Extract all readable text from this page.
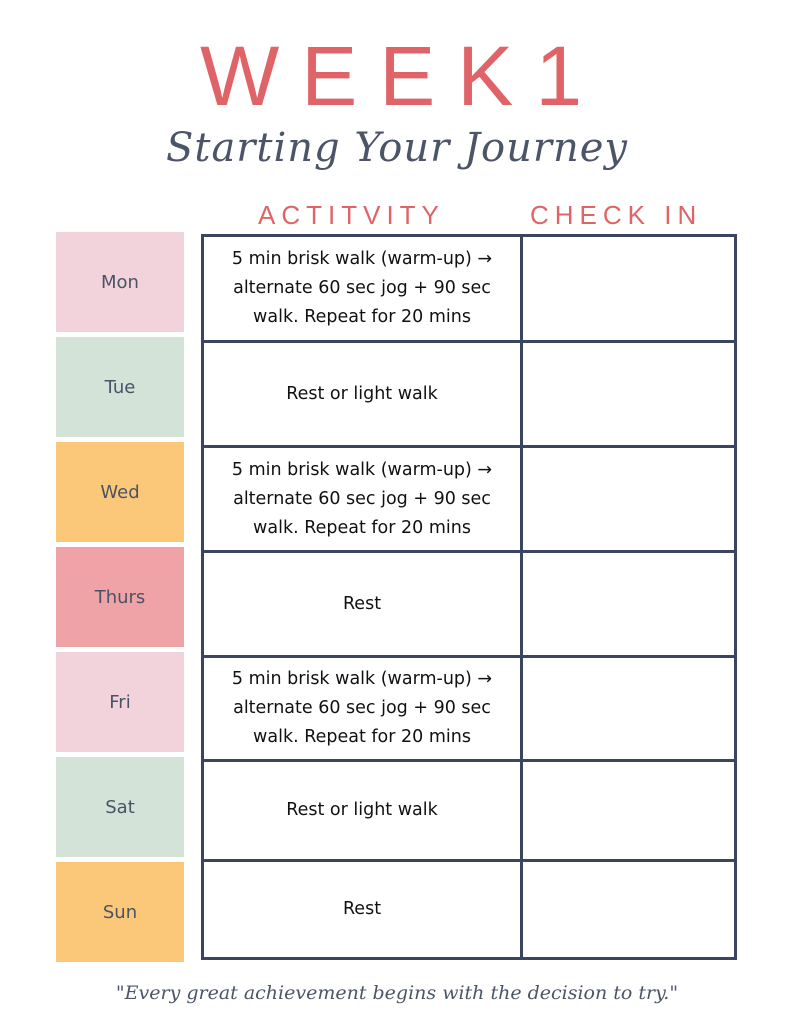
WEEK1

Starting Your Journey

ACTITVITY	CHECK IN
Mon
Tue
Wed
Thurs
Fri
Sat
Sun
5 min brisk walk (warm-up) → alternate 60 sec jog + 90 sec walk. Repeat for 20 mins
Rest or light walk
5 min brisk walk (warm-up) → alternate 60 sec jog + 90 sec walk. Repeat for 20 mins
Rest
5 min brisk walk (warm-up) → alternate 60 sec jog + 90 sec walk. Repeat for 20 mins
Rest or light walk
Rest

"Every great achievement begins with the decision to try."
